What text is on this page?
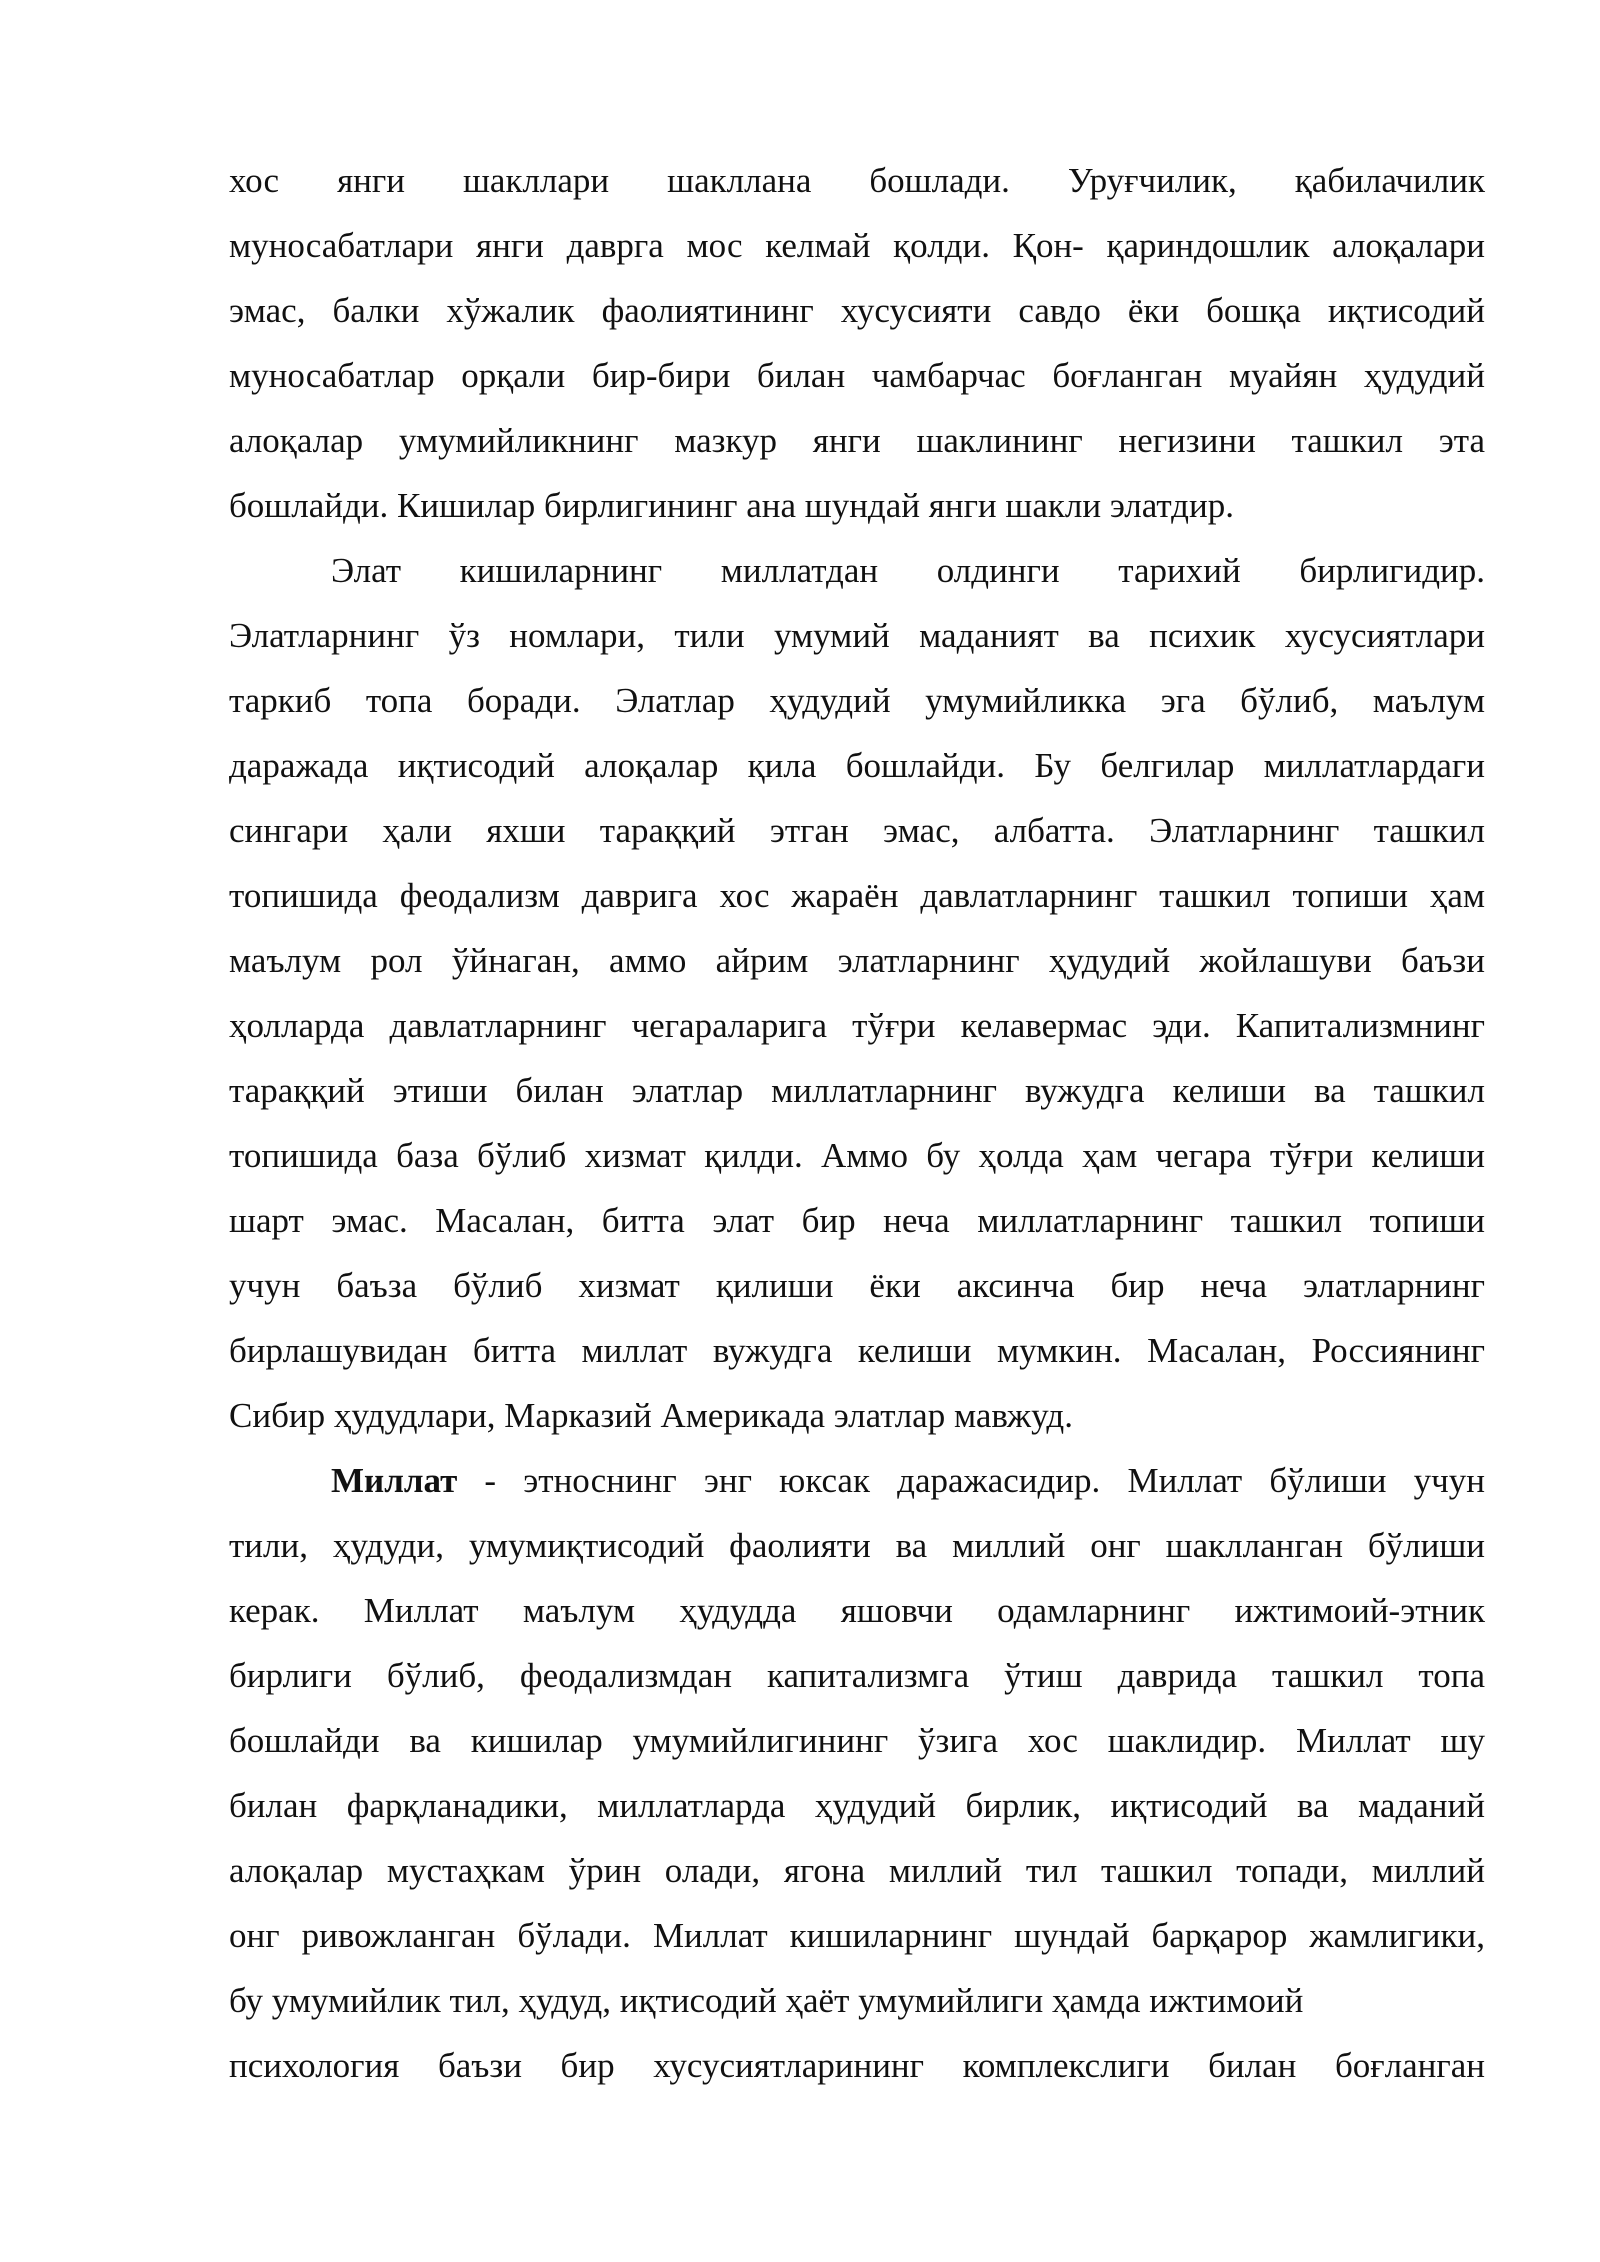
хос янги шакллари шакллана бошлади. Уруғчилик, қабилачилик
муносабатлари янги даврга мос келмай қолди. Қон- қариндошлик алоқалари
эмас, балки хўжалик фаолиятининг хусусияти савдо ёки бошқа иқтисодий
муносабатлар орқали бир-бири билан чамбарчас боғланган муайян ҳудудий
алоқалар умумийликнинг мазкур янги шаклининг негизини ташкил эта
бошлайди. Кишилар бирлигининг ана шундай янги шакли элатдир.

Элат кишиларнинг миллатдан олдинги тарихий бирлигидир.
Элатларнинг ўз номлари, тили умумий маданият ва психик хусусиятлари
таркиб топа боради. Элатлар ҳудудий умумийликка эга бўлиб, маълум
даражада иқтисодий алоқалар қила бошлайди. Бу белгилар миллатлардаги
сингари ҳали яхши тараққий этган эмас, албатта. Элатларнинг ташкил
топишида феодализм даврига хос жараён давлатларнинг ташкил топиши ҳам
маълум рол ўйнаган, аммо айрим элатларнинг ҳудудий жойлашуви баъзи
ҳолларда давлатларнинг чегараларига тўғри келавермас эди. Капитализмнинг
тараққий этиши билан элатлар миллатларнинг вужудга келиши ва ташкил
топишида база бўлиб хизмат қилди. Аммо бу ҳолда ҳам чегара тўғри келиши
шарт эмас. Масалан, битта элат бир неча миллатларнинг ташкил топиши
учун баъза бўлиб хизмат қилиши ёки аксинча бир неча элатларнинг
бирлашувидан битта миллат вужудга келиши мумкин. Масалан, Россиянинг
Сибир ҳудудлари, Марказий Америкада элатлар мавжуд.

Миллат - этноснинг энг юксак даражасидир. Миллат бўлиши учун
тили, ҳудуди, умумиқтисодий фаолияти ва миллий онг шаклланган бўлиши
керак. Миллат маълум ҳудудда яшовчи одамларнинг ижтимоий-этник
бирлиги бўлиб, феодализмдан капитализмга ўтиш даврида ташкил топа
бошлайди ва кишилар умумийлигининг ўзига хос шаклидир. Миллат шу
билан фарқланадики, миллатларда ҳудудий бирлик, иқтисодий ва маданий
алоқалар мустаҳкам ўрин олади, ягона миллий тил ташкил топади, миллий
онг ривожланган бўлади. Миллат кишиларнинг шундай барқарор жамлигики,
бу умумийлик тил, ҳудуд, иқтисодий ҳаёт умумийлиги ҳамда ижтимоий
психология баъзи бир хусусиятларининг комплекслиги билан боғланган
